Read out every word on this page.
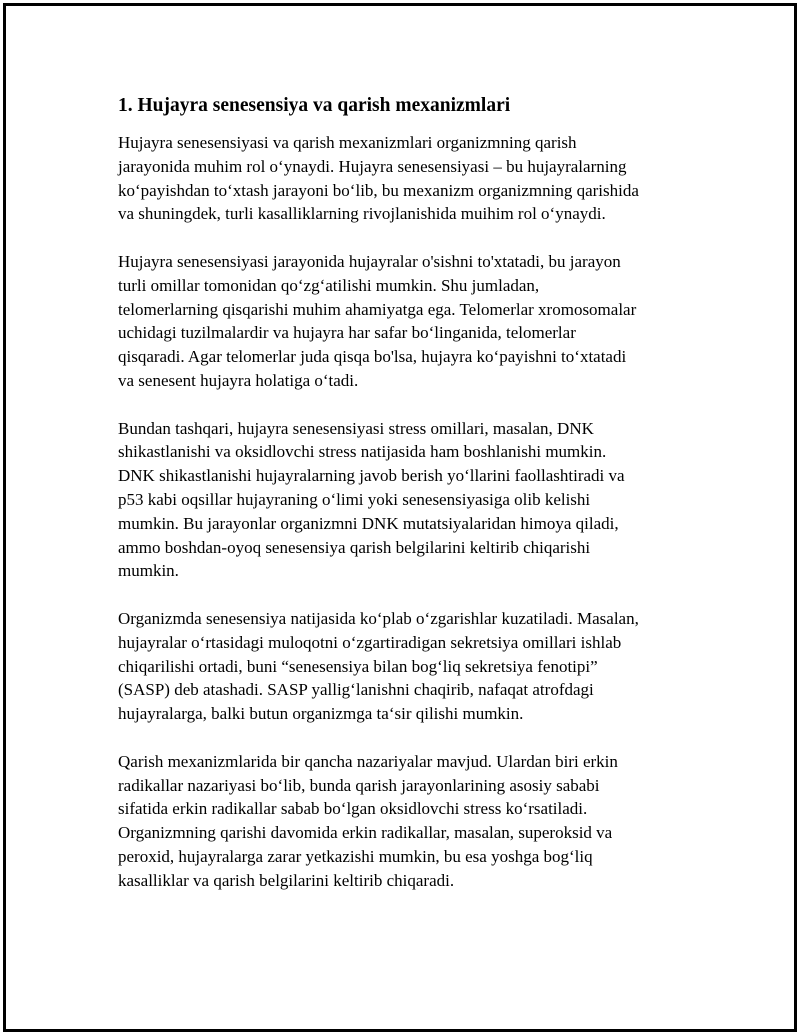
1. Hujayra senesensiya va qarish mexanizmlari
Hujayra senesensiyasi va qarish mexanizmlari organizmning qarish
jarayonida muhim rol o‘ynaydi. Hujayra senesensiyasi – bu hujayralarning
ko‘payishdan to‘xtash jarayoni bo‘lib, bu mexanizm organizmning qarishida
va shuningdek, turli kasalliklarning rivojlanishida muihim rol o‘ynaydi.
Hujayra senesensiyasi jarayonida hujayralar o'sishni to'xtatadi, bu jarayon
turli omillar tomonidan qo‘zg‘atilishi mumkin. Shu jumladan,
telomerlarning qisqarishi muhim ahamiyatga ega. Telomerlar xromosomalar
uchidagi tuzilmalardir va hujayra har safar bo‘linganida, telomerlar
qisqaradi. Agar telomerlar juda qisqa bo'lsa, hujayra ko‘payishni to‘xtatadi
va senesent hujayra holatiga o‘tadi.
Bundan tashqari, hujayra senesensiyasi stress omillari, masalan, DNK
shikastlanishi va oksidlovchi stress natijasida ham boshlanishi mumkin.
DNK shikastlanishi hujayralarning javob berish yo‘llarini faollashtiradi va
p53 kabi oqsillar hujayraning o‘limi yoki senesensiyasiga olib kelishi
mumkin. Bu jarayonlar organizmni DNK mutatsiyalaridan himoya qiladi,
ammo boshdan-oyoq senesensiya qarish belgilarini keltirib chiqarishi
mumkin.
Organizmda senesensiya natijasida ko‘plab o‘zgarishlar kuzatiladi. Masalan,
hujayralar o‘rtasidagi muloqotni o‘zgartiradigan sekretsiya omillari ishlab
chiqarilishi ortadi, buni “senesensiya bilan bog‘liq sekretsiya fenotipi”
(SASP) deb atashadi. SASP yallig‘lanishni chaqirib, nafaqat atrofdagi
hujayralarga, balki butun organizmga ta‘sir qilishi mumkin.
Qarish mexanizmlarida bir qancha nazariyalar mavjud. Ulardan biri erkin
radikallar nazariyasi bo‘lib, bunda qarish jarayonlarining asosiy sababi
sifatida erkin radikallar sabab bo‘lgan oksidlovchi stress ko‘rsatiladi.
Organizmning qarishi davomida erkin radikallar, masalan, superoksid va
peroxid, hujayralarga zarar yetkazishi mumkin, bu esa yoshga bog‘liq
kasalliklar va qarish belgilarini keltirib chiqaradi.
